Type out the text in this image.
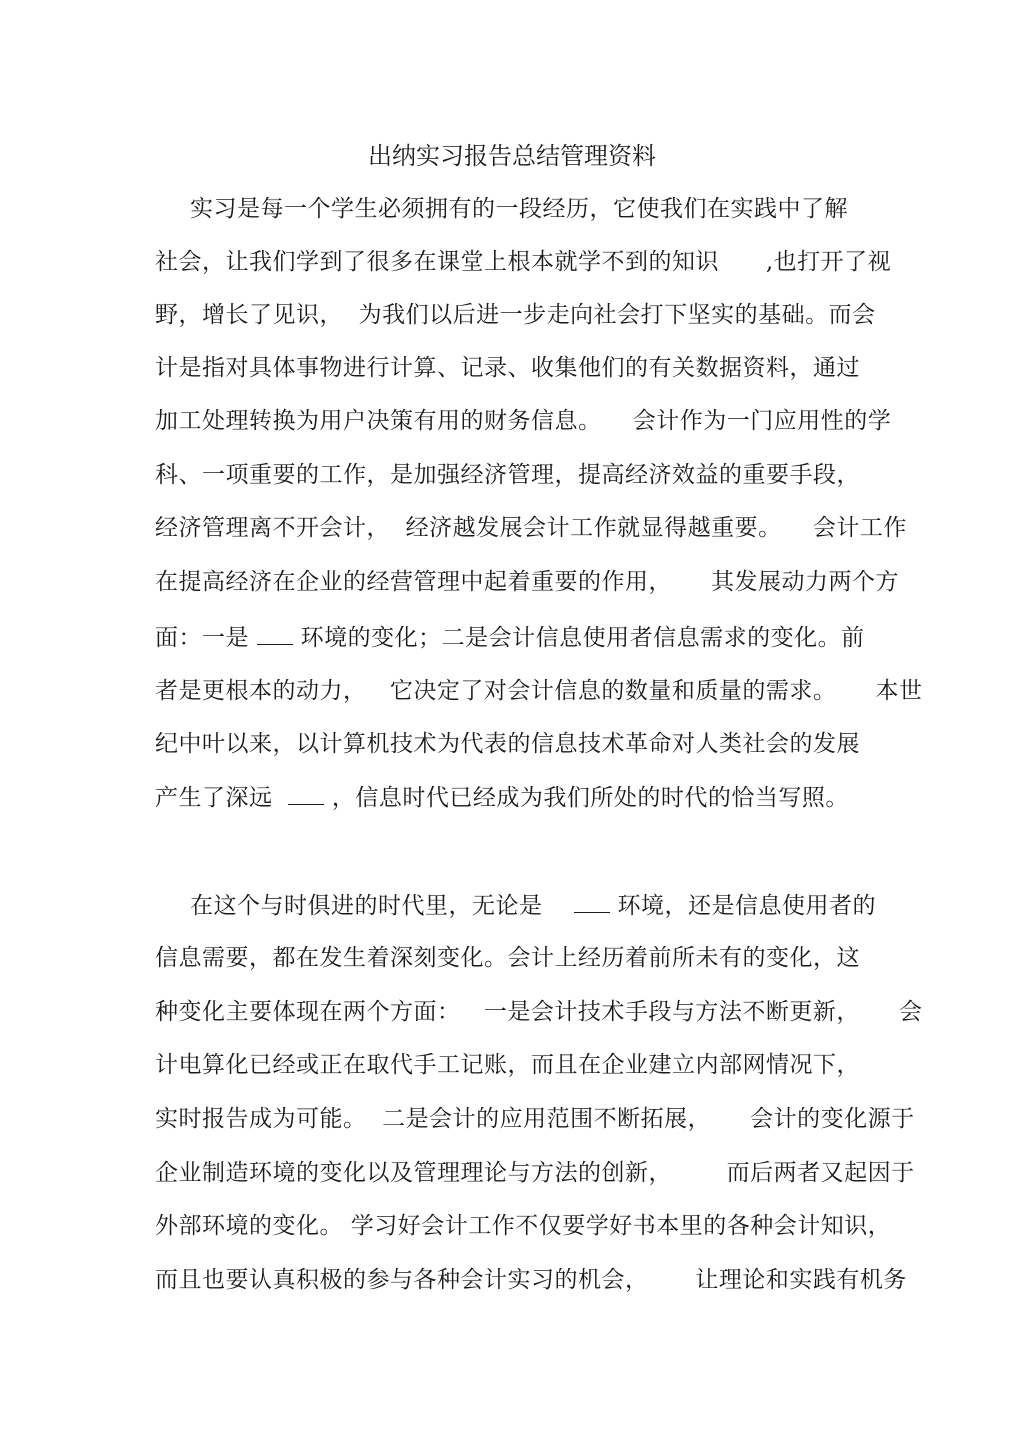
出纳实习报告总结管理资料
实习是每一个学生必须拥有的一段经历，它使我们在实践中了解
社会，让我们学到了很多在课堂上根本就学不到的知识      ,也打开了视
野，增长了见识，  为我们以后进一步走向社会打下坚实的基础。而会
计是指对具体事物进行计算、记录、收集他们的有关数据资料，通过
加工处理转换为用户决策有用的财务信息。    会计作为一门应用性的学
科、一项重要的工作，是加强经济管理，提高经济效益的重要手段，
经济管理离不开会计，  经济越发展会计工作就显得越重要。    会计工作
在提高经济在企业的经营管理中起着重要的作用，     其发展动力两个方
面：一是  环境的变化；二是会计信息使用者信息需求的变化。前
者是更根本的动力，   它决定了对会计信息的数量和质量的需求。     本世
纪中叶以来，以计算机技术为代表的信息技术革命对人类社会的发展
产生了深远   ，信息时代已经成为我们所处的时代的恰当写照。
在这个与时俱进的时代里，无论是     环境，还是信息使用者的
信息需要，都在发生着深刻变化。会计上经历着前所未有的变化，这
种变化主要体现在两个方面：   一是会计技术手段与方法不断更新，     会
计电算化已经或正在取代手工记账，而且在企业建立内部网情况下，
实时报告成为可能。  二是会计的应用范围不断拓展，     会计的变化源于
企业制造环境的变化以及管理理论与方法的创新，       而后两者又起因于
外部环境的变化。 学习好会计工作不仅要学好书本里的各种会计知识，
而且也要认真积极的参与各种会计实习的机会，      让理论和实践有机务
